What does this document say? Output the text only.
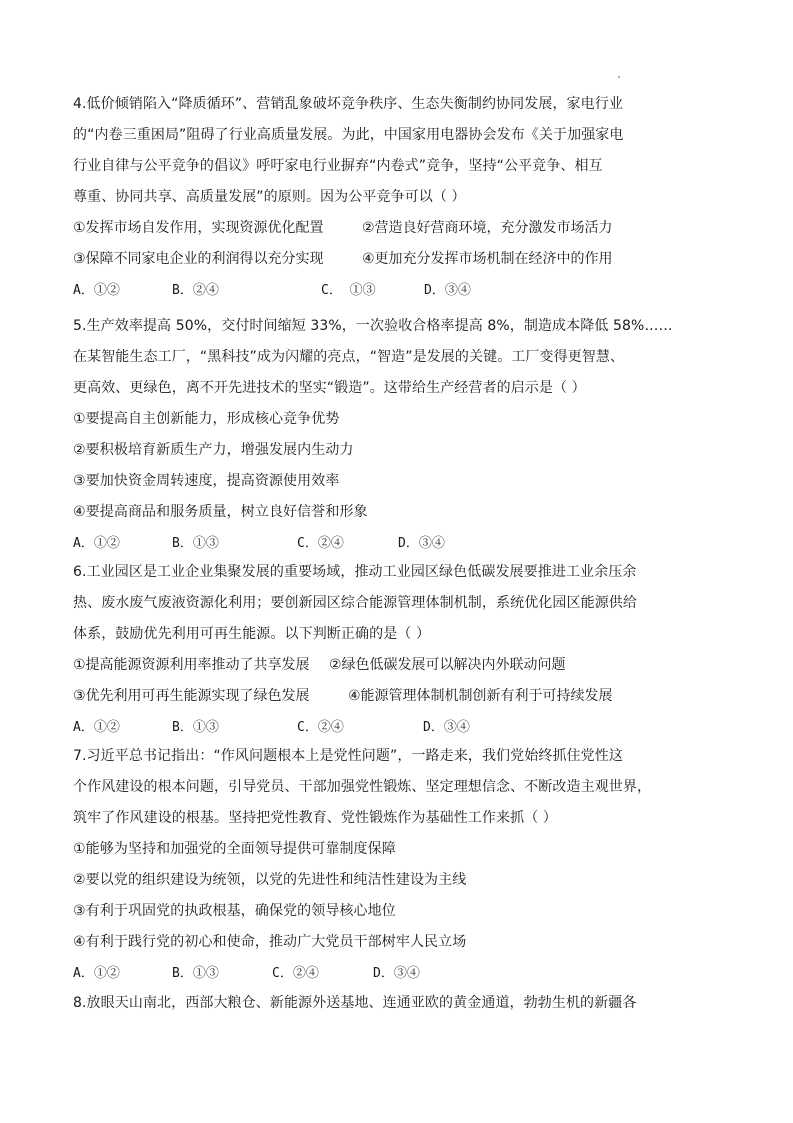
4.低价倾销陷入“降质循环”、营销乱象破坏竞争秩序、生态失衡制约协同发展，家电行业
的“内卷三重困局”阻碍了行业高质量发展。为此，中国家用电器协会发布《关于加强家电
行业自律与公平竞争的倡议》呼吁家电行业摒弃“内卷式”竞争，坚持“公平竞争、相互
尊重、协同共享、高质量发展”的原则。因为公平竞争可以（ ）
①发挥市场自发作用，实现资源优化配置	②营造良好营商环境，充分激发市场活力
③保障不同家电企业的利润得以充分实现	④更加充分发挥市场机制在经济中的作用
A．①②	B．②④	C． ①③	D．③④
5.生产效率提高 50%，交付时间缩短 33%，一次验收合格率提高 8%，制造成本降低 58%……
在某智能生态工厂，“黑科技”成为闪耀的亮点，“智造”是发展的关键。工厂变得更智慧、
更高效、更绿色，离不开先进技术的坚实“锻造”。这带给生产经营者的启示是（ ）
①要提高自主创新能力，形成核心竞争优势
②要积极培育新质生产力，增强发展内生动力
③要加快资金周转速度，提高资源使用效率
④要提高商品和服务质量，树立良好信誉和形象
A．①②	B．①③	C．②④	D．③④
6.工业园区是工业企业集聚发展的重要场域，推动工业园区绿色低碳发展要推进工业余压余
热、废水废气废液资源化利用；要创新园区综合能源管理体制机制，系统优化园区能源供给
体系，鼓励优先利用可再生能源。以下判断正确的是（ ）
①提高能源资源利用率推动了共享发展 ②绿色低碳发展可以解决内外联动问题
③优先利用可再生能源实现了绿色发展	④能源管理体制机制创新有利于可持续发展
A．①②	B．①③	C．②④	D．③④
7.习近平总书记指出：“作风问题根本上是党性问题”，一路走来，我们党始终抓住党性这
个作风建设的根本问题，引导党员、干部加强党性锻炼、坚定理想信念、不断改造主观世界，
筑牢了作风建设的根基。坚持把党性教育、党性锻炼作为基础性工作来抓（ ）
①能够为坚持和加强党的全面领导提供可靠制度保障
②要以党的组织建设为统领，以党的先进性和纯洁性建设为主线
③有利于巩固党的执政根基，确保党的领导核心地位
④有利于践行党的初心和使命，推动广大党员干部树牢人民立场
A．①②	B．①③	C．②④	D．③④
8.放眼天山南北，西部大粮仓、新能源外送基地、连通亚欧的黄金通道，勃勃生机的新疆各
